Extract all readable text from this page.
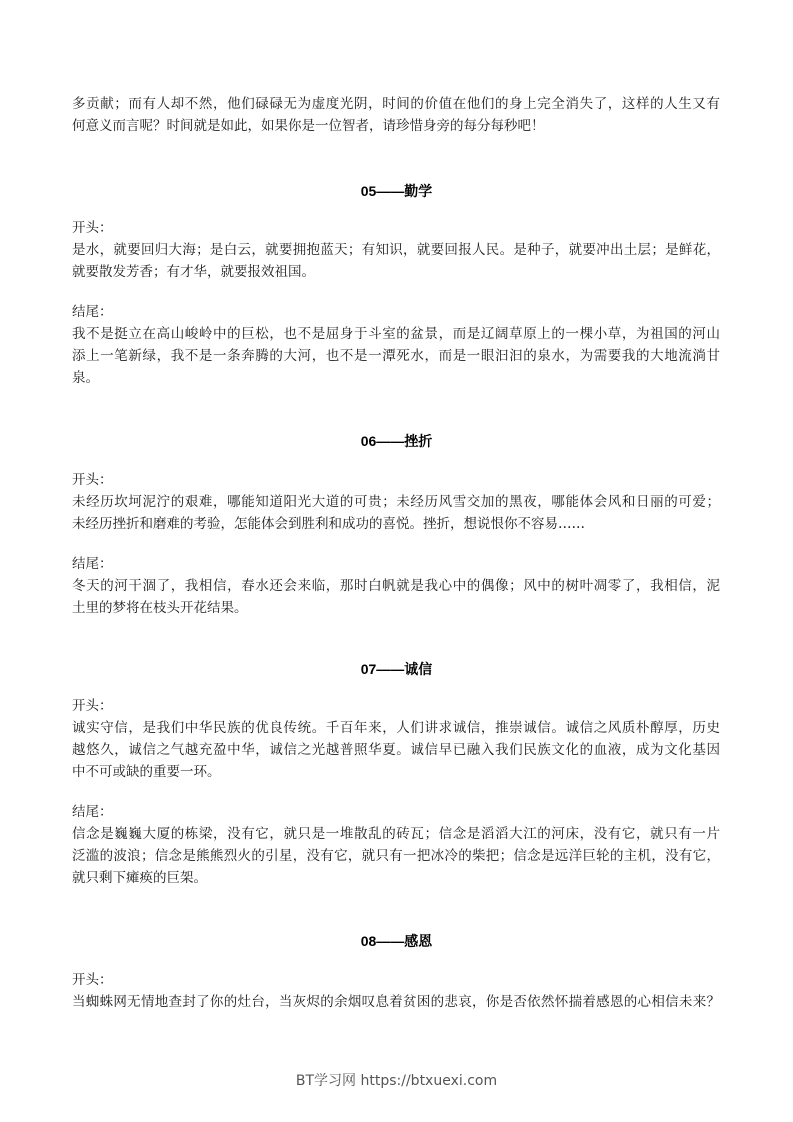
多贡献；而有人却不然，他们碌碌无为虚度光阴，时间的价值在他们的身上完全消失了，这样的人生又有
何意义而言呢？时间就是如此，如果你是一位智者，请珍惜身旁的每分每秒吧！
05——勤学
开头：
是水，就要回归大海；是白云，就要拥抱蓝天；有知识，就要回报人民。是种子，就要冲出土层；是鲜花，
就要散发芳香；有才华，就要报效祖国。
结尾：
我不是挺立在高山峻岭中的巨松，也不是屈身于斗室的盆景，而是辽阔草原上的一棵小草，为祖国的河山
添上一笔新绿，我不是一条奔腾的大河，也不是一潭死水，而是一眼汩汩的泉水，为需要我的大地流淌甘
泉。
06——挫折
开头：
未经历坎坷泥泞的艰难，哪能知道阳光大道的可贵；未经历风雪交加的黑夜，哪能体会风和日丽的可爱；
未经历挫折和磨难的考验，怎能体会到胜利和成功的喜悦。挫折，想说恨你不容易……
结尾：
冬天的河干涸了，我相信，春水还会来临，那时白帆就是我心中的偶像；风中的树叶凋零了，我相信，泥
土里的梦将在枝头开花结果。
07——诚信
开头：
诚实守信，是我们中华民族的优良传统。千百年来，人们讲求诚信，推崇诚信。诚信之风质朴醇厚，历史
越悠久，诚信之气越充盈中华，诚信之光越普照华夏。诚信早已融入我们民族文化的血液，成为文化基因
中不可或缺的重要一环。
结尾：
信念是巍巍大厦的栋梁，没有它，就只是一堆散乱的砖瓦；信念是滔滔大江的河床，没有它，就只有一片
泛滥的波浪；信念是熊熊烈火的引星，没有它，就只有一把冰冷的柴把；信念是远洋巨轮的主机，没有它，
就只剩下瘫痪的巨架。
08——感恩
开头：
当蜘蛛网无情地查封了你的灶台，当灰烬的余烟叹息着贫困的悲哀，你是否依然怀揣着感恩的心相信未来？
BT学习网 https://btxuexi.com
